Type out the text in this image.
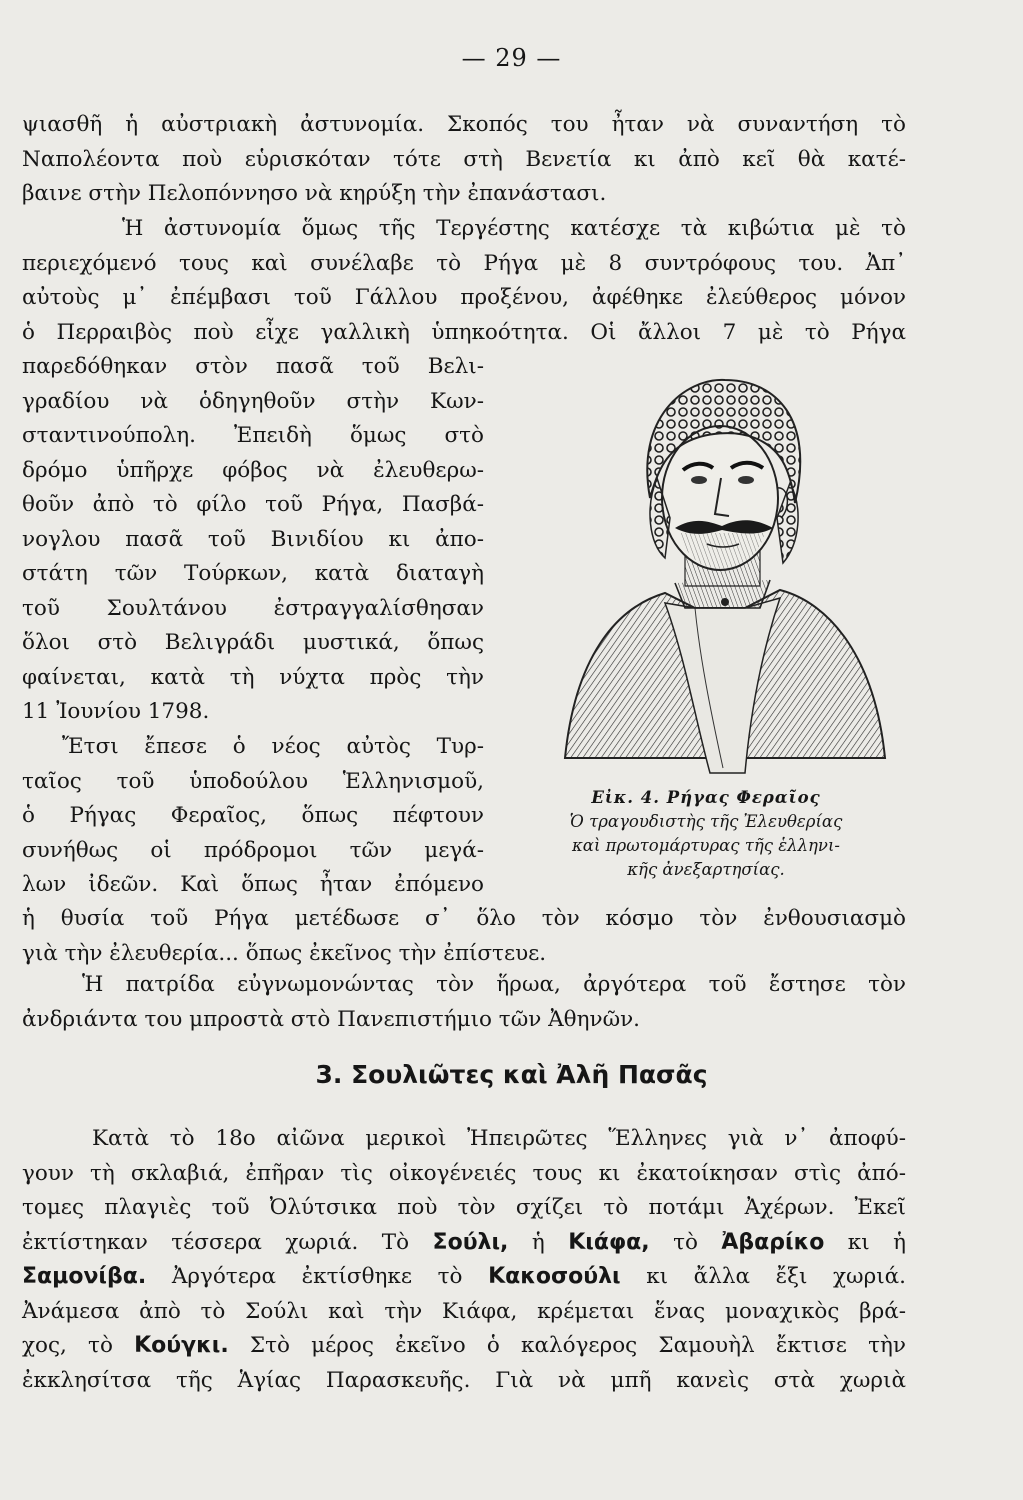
— 29 —
ψιασθῆ ἡ αὐστριακὴ ἀστυνομία. Σκοπός του ἦταν νὰ συναντήση τὸ
Ναπολέοντα ποὺ εὑρισκόταν τότε στὴ Βενετία κι ἀπὸ κεῖ θὰ κατέ-
βαινε στὴν Πελοπόννησο νὰ κηρύξη τὴν ἐπανάστασι.
Ἡ ἀστυνομία ὅμως τῆς Τεργέστης κατέσχε τὰ κιβώτια μὲ τὸ
περιεχόμενό τους καὶ συνέλαβε τὸ Ρήγα μὲ 8 συντρόφους του. Ἀπ᾿
αὐτοὺς μ᾿ ἐπέμβασι τοῦ Γάλλου προξένου, ἀφέθηκε ἐλεύθερος μόνον
ὁ Περραιβὸς ποὺ εἶχε γαλλικὴ ὑπηκοότητα. Οἱ ἄλλοι 7 μὲ τὸ Ρήγα
παρεδόθηκαν στὸν πασᾶ τοῦ Βελι-
γραδίου νὰ ὁδηγηθοῦν στὴν Κων-
σταντινούπολη. Ἐπειδὴ ὅμως στὸ
δρόμο ὑπῆρχε φόβος νὰ ἐλευθερω-
θοῦν ἀπὸ τὸ φίλο τοῦ Ρήγα, Πασβά-
νογλου πασᾶ τοῦ Βινιδίου κι ἀπο-
στάτη τῶν Τούρκων, κατὰ διαταγὴ
τοῦ Σουλτάνου ἐστραγγαλίσθησαν
ὅλοι στὸ Βελιγράδι μυστικά, ὅπως
φαίνεται, κατὰ τὴ νύχτα πρὸς τὴν
11 Ἰουνίου 1798.
Ἔτσι ἔπεσε ὁ νέος αὐτὸς Τυρ-
ταῖος τοῦ ὑποδούλου Ἑλληνισμοῦ,
ὁ Ρήγας Φεραῖος, ὅπως πέφτουν
συνήθως οἱ πρόδρομοι τῶν μεγά-
λων ἰδεῶν. Καὶ ὅπως ἦταν ἐπόμενο
Εἰκ. 4. Ρήγας Φεραῖος
Ὁ τραγουδιστὴς τῆς Ἐλευθερίας
καὶ πρωτομάρτυρας τῆς ἑλληνι-
κῆς ἀνεξαρτησίας.
ἡ θυσία τοῦ Ρήγα μετέδωσε σ᾿ ὅλο τὸν κόσμο τὸν ἐνθουσιασμὸ
γιὰ τὴν ἐλευθερία... ὅπως ἐκεῖνος τὴν ἐπίστευε.
Ἡ πατρίδα εὐγνωμονώντας τὸν ἥρωα, ἀργότερα τοῦ ἔστησε τὸν
ἀνδριάντα του μπροστὰ στὸ Πανεπιστήμιο τῶν Ἀθηνῶν.
3. Σουλιῶτες καὶ Ἀλῆ Πασᾶς
Κατὰ τὸ 18ο αἰῶνα μερικοὶ Ἠπειρῶτες Ἕλληνες γιὰ ν᾿ ἀποφύ-
γουν τὴ σκλαβιά, ἐπῆραν τὶς οἰκογένειές τους κι ἐκατοίκησαν στὶς ἀπό-
τομες πλαγιὲς τοῦ Ὀλύτσικα ποὺ τὸν σχίζει τὸ ποτάμι Ἀχέρων. Ἐκεῖ
ἐκτίστηκαν τέσσερα χωριά. Τὸ Σούλι, ἡ Κιάφα, τὸ Ἀβαρίκο κι ἡ
Σαμονίβα. Ἀργότερα ἐκτίσθηκε τὸ Κακοσούλι κι ἄλλα ἔξι χωριά.
Ἀνάμεσα ἀπὸ τὸ Σούλι καὶ τὴν Κιάφα, κρέμεται ἕνας μοναχικὸς βρά-
χος, τὸ Κούγκι. Στὸ μέρος ἐκεῖνο ὁ καλόγερος Σαμουὴλ ἔκτισε τὴν
ἐκκλησίτσα τῆς Ἁγίας Παρασκευῆς. Γιὰ νὰ μπῆ κανεὶς στὰ χωριὰ
